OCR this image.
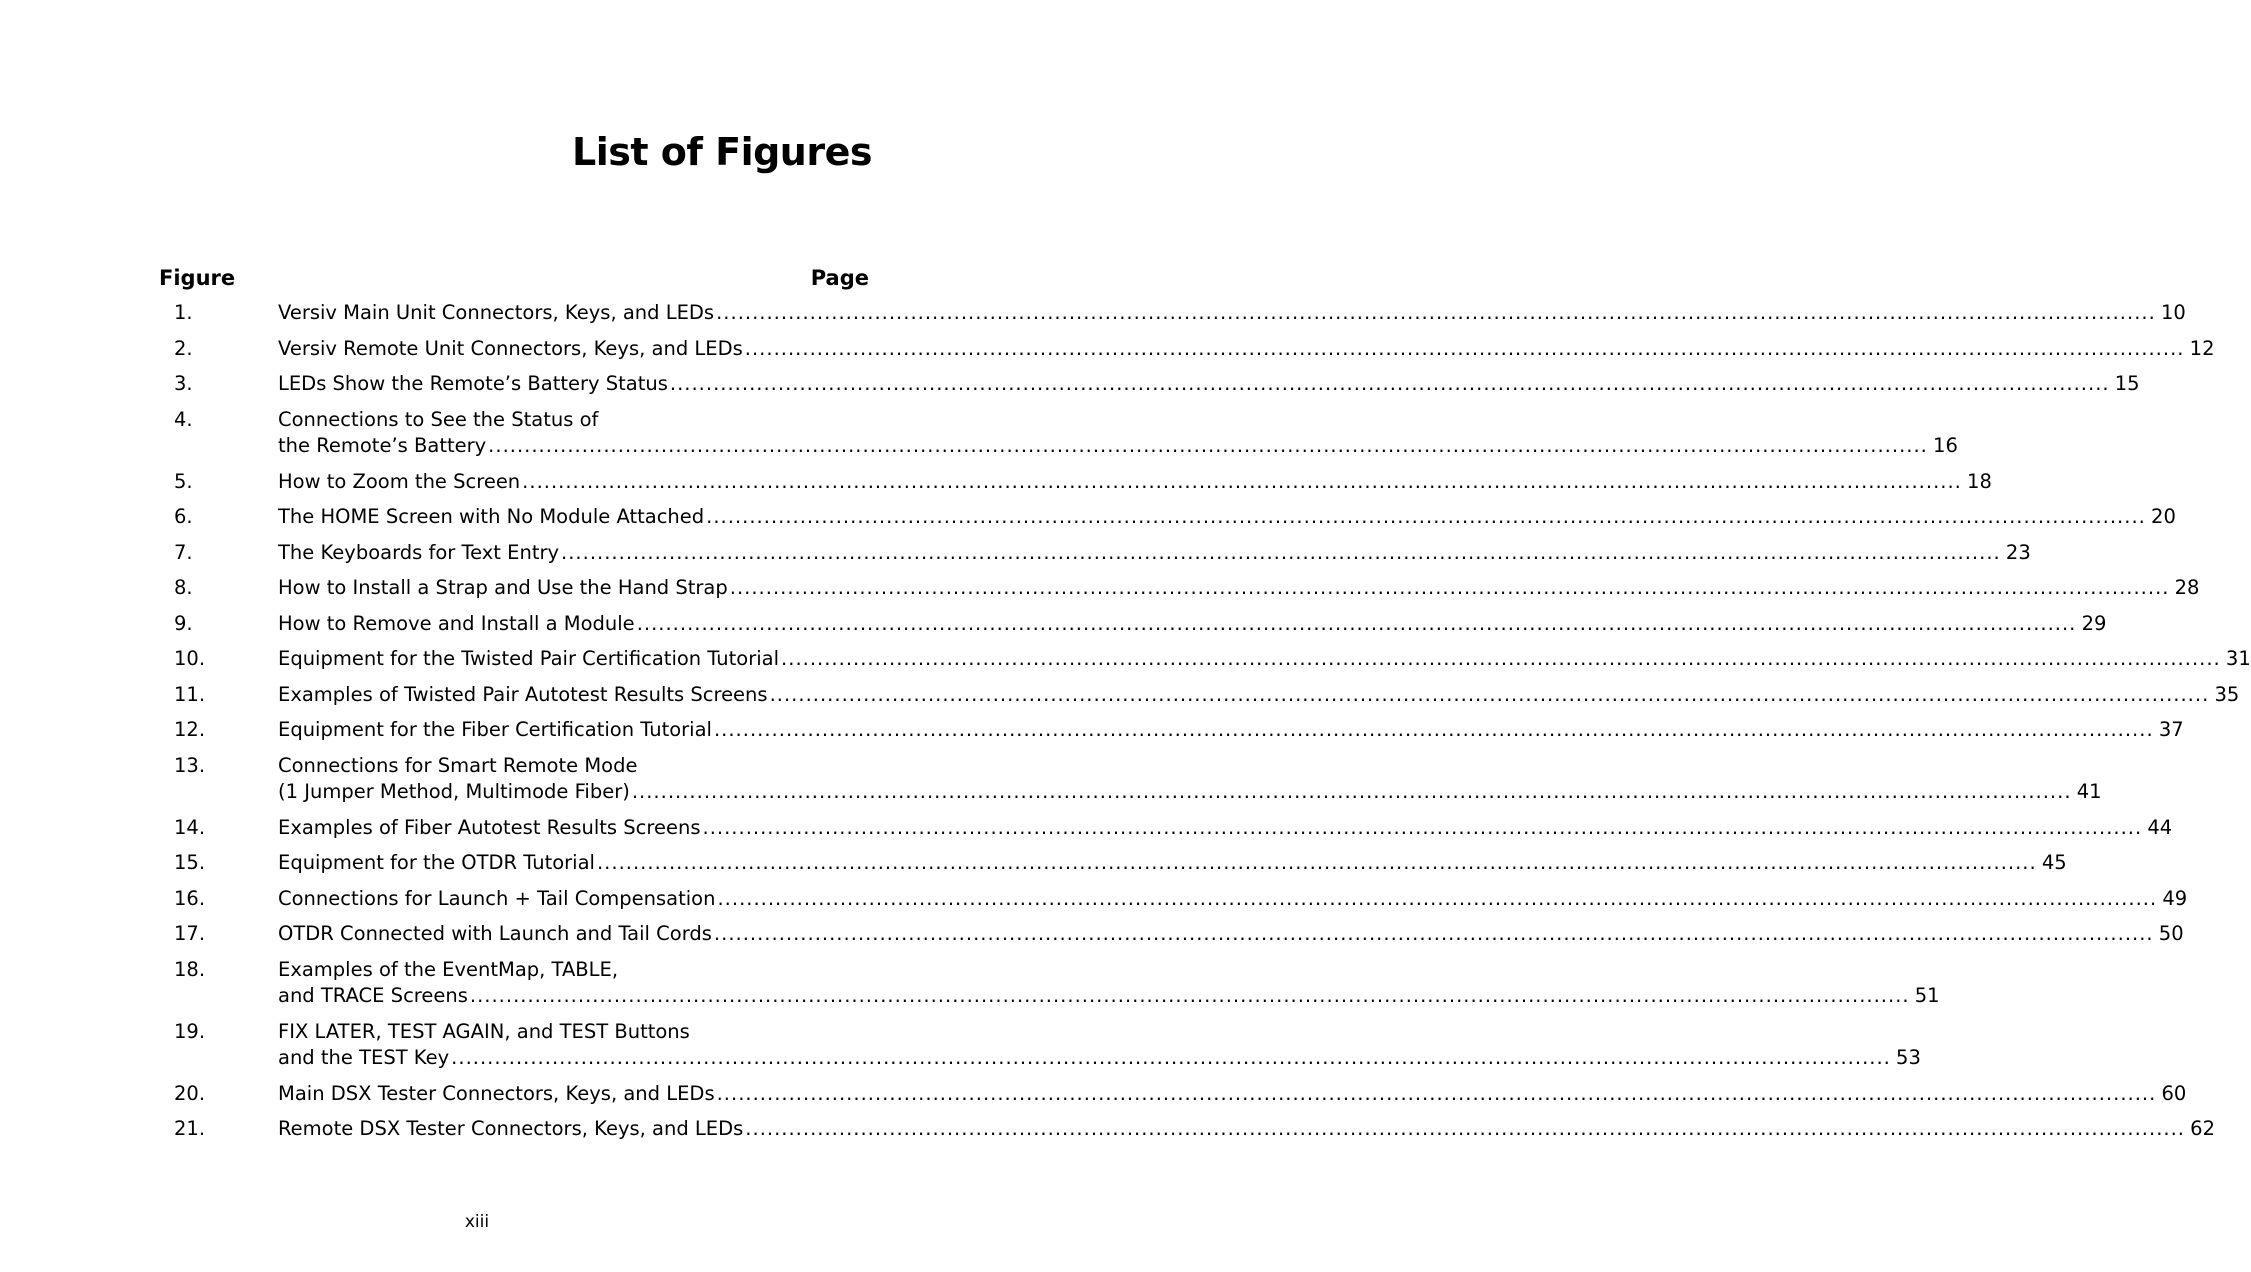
List of Figures
Figure	Page
1.	Versiv Main Unit Connectors, Keys, and LEDs ........................................................................................................................................................................................................ 10
2.	Versiv Remote Unit Connectors, Keys, and LEDs ........................................................................................................................................................................................................ 12
3.	LEDs Show the Remote’s Battery Status ........................................................................................................................................................................................................ 15
4.	Connections to See the Status of
the Remote’s Battery ........................................................................................................................................................................................................ 16
5.	How to Zoom the Screen ........................................................................................................................................................................................................ 18
6.	The HOME Screen with No Module Attached ........................................................................................................................................................................................................ 20
7.	The Keyboards for Text Entry ........................................................................................................................................................................................................ 23
8.	How to Install a Strap and Use the Hand Strap ........................................................................................................................................................................................................ 28
9.	How to Remove and Install a Module ........................................................................................................................................................................................................ 29
10.	Equipment for the Twisted Pair Certification Tutorial ........................................................................................................................................................................................................ 31
11.	Examples of Twisted Pair Autotest Results Screens ........................................................................................................................................................................................................ 35
12.	Equipment for the Fiber Certification Tutorial ........................................................................................................................................................................................................ 37
13.	Connections for Smart Remote Mode
(1 Jumper Method, Multimode Fiber) ........................................................................................................................................................................................................ 41
14.	Examples of Fiber Autotest Results Screens ........................................................................................................................................................................................................ 44
15.	Equipment for the OTDR Tutorial ........................................................................................................................................................................................................ 45
16.	Connections for Launch + Tail Compensation ........................................................................................................................................................................................................ 49
17.	OTDR Connected with Launch and Tail Cords ........................................................................................................................................................................................................ 50
18.	Examples of the EventMap, TABLE,
and TRACE Screens ........................................................................................................................................................................................................ 51
19.	FIX LATER, TEST AGAIN, and TEST Buttons
and the TEST Key ........................................................................................................................................................................................................ 53
20.	Main DSX Tester Connectors, Keys, and LEDs ........................................................................................................................................................................................................ 60
21.	Remote DSX Tester Connectors, Keys, and LEDs ........................................................................................................................................................................................................ 62
xiii
